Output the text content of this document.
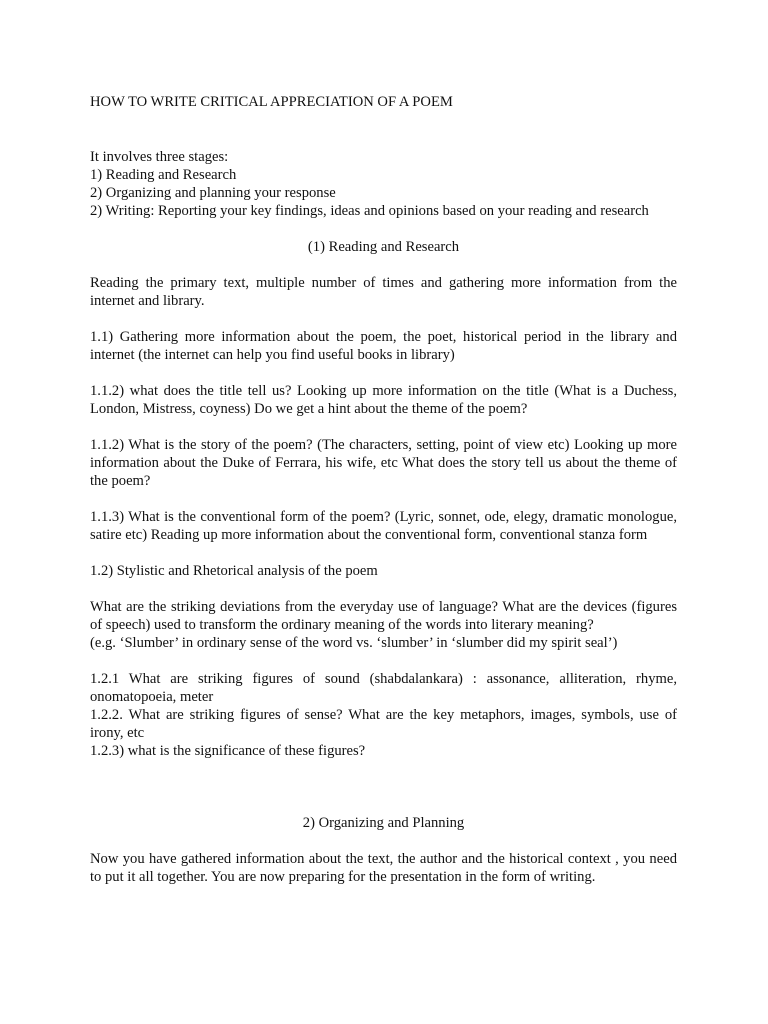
HOW TO WRITE CRITICAL APPRECIATION OF A POEM

It involves three stages:
1) Reading and Research
2) Organizing and planning your response
2) Writing: Reporting your key findings, ideas and opinions based on your reading and research
(1) Reading and Research
Reading the primary text, multiple number of times and gathering more information from the internet and library.
1.1) Gathering more information about the poem, the poet, historical period in the library and internet (the internet can help you find useful books in library)
1.1.2) what does the title tell us? Looking up more information on the title (What is a Duchess, London, Mistress, coyness) Do we get a hint about the theme of the poem?
1.1.2) What is the story of the poem? (The characters, setting, point of view etc) Looking up more information about the Duke of Ferrara, his wife, etc What does the story tell us about the theme of the poem?
1.1.3) What is the conventional form of the poem? (Lyric, sonnet, ode, elegy, dramatic monologue, satire etc) Reading up more information about the conventional form, conventional stanza form
1.2) Stylistic and Rhetorical analysis of the poem
What are the striking deviations from the everyday use of language? What are the devices (figures of speech) used to transform the ordinary meaning of the words into literary meaning?
(e.g. ‘Slumber’ in ordinary sense of the word vs. ‘slumber’ in ‘slumber did my spirit seal’)
1.2.1 What are striking figures of sound (shabdalankara) : assonance, alliteration, rhyme, onomatopoeia, meter
1.2.2. What are striking figures of sense? What are the key metaphors, images, symbols, use of irony, etc
1.2.3) what is the significance of these figures?
2) Organizing and Planning
Now you have gathered information about the text, the author and the historical context , you need to put it all together. You are now preparing for the presentation in the form of writing.
